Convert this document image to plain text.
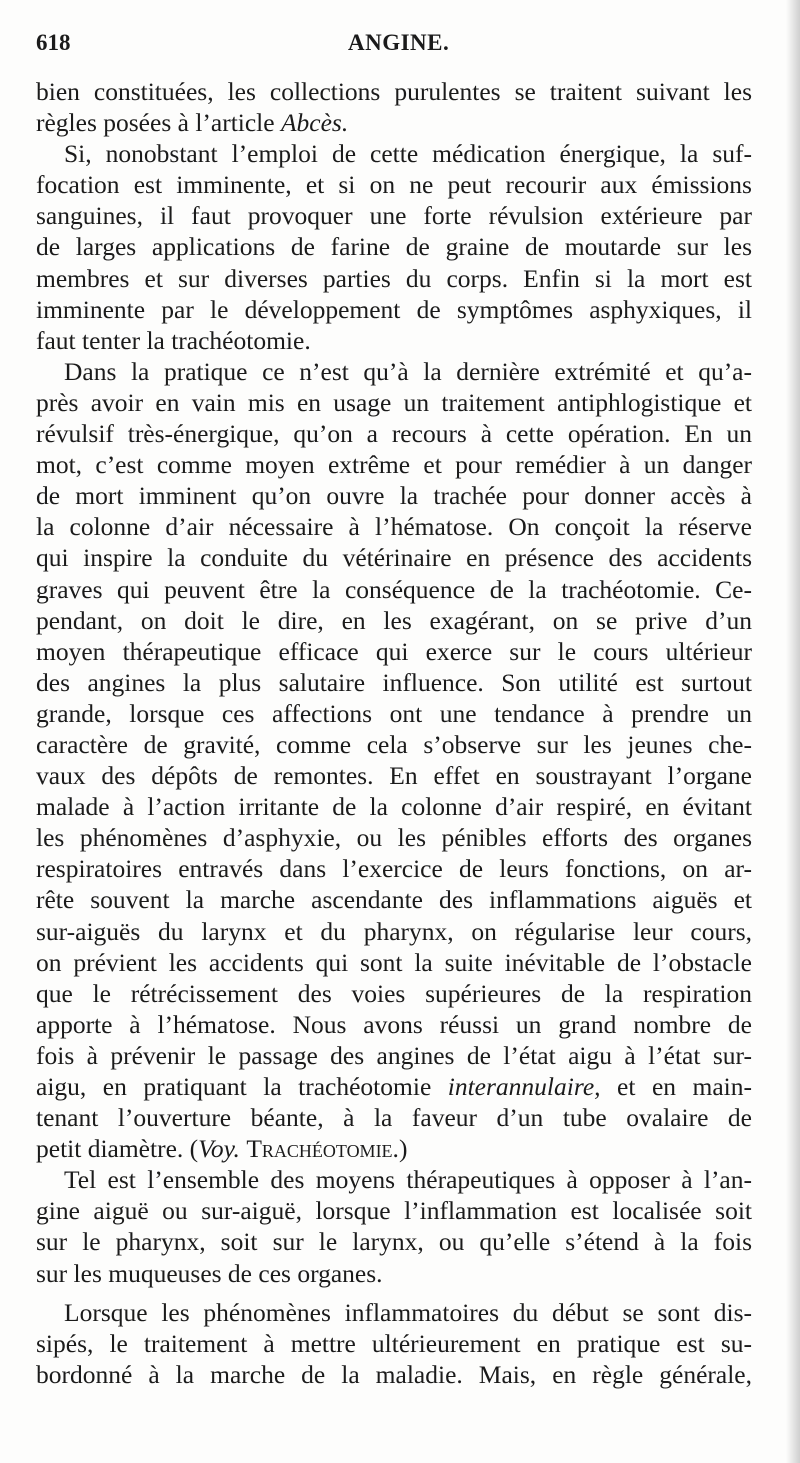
618	ANGINE.
bien constituées, les collections purulentes se traitent suivant les
règles posées à l’article Abcès.
Si, nonobstant l’emploi de cette médication énergique, la suf-
focation est imminente, et si on ne peut recourir aux émissions
sanguines, il faut provoquer une forte révulsion extérieure par
de larges applications de farine de graine de moutarde sur les
membres et sur diverses parties du corps. Enfin si la mort est
imminente par le développement de symptômes asphyxiques, il
faut tenter la trachéotomie.
Dans la pratique ce n’est qu’à la dernière extrémité et qu’a-
près avoir en vain mis en usage un traitement antiphlogistique et
révulsif très-énergique, qu’on a recours à cette opération. En un
mot, c’est comme moyen extrême et pour remédier à un danger
de mort imminent qu’on ouvre la trachée pour donner accès à
la colonne d’air nécessaire à l’hématose. On conçoit la réserve
qui inspire la conduite du vétérinaire en présence des accidents
graves qui peuvent être la conséquence de la trachéotomie. Ce-
pendant, on doit le dire, en les exagérant, on se prive d’un
moyen thérapeutique efficace qui exerce sur le cours ultérieur
des angines la plus salutaire influence. Son utilité est surtout
grande, lorsque ces affections ont une tendance à prendre un
caractère de gravité, comme cela s’observe sur les jeunes che-
vaux des dépôts de remontes. En effet en soustrayant l’organe
malade à l’action irritante de la colonne d’air respiré, en évitant
les phénomènes d’asphyxie, ou les pénibles efforts des organes
respiratoires entravés dans l’exercice de leurs fonctions, on ar-
rête souvent la marche ascendante des inflammations aiguës et
sur-aiguës du larynx et du pharynx, on régularise leur cours,
on prévient les accidents qui sont la suite inévitable de l’obstacle
que le rétrécissement des voies supérieures de la respiration
apporte à l’hématose. Nous avons réussi un grand nombre de
fois à prévenir le passage des angines de l’état aigu à l’état sur-
aigu, en pratiquant la trachéotomie interannulaire, et en main-
tenant l’ouverture béante, à la faveur d’un tube ovalaire de
petit diamètre. (Voy. Trachéotomie.)
Tel est l’ensemble des moyens thérapeutiques à opposer à l’an-
gine aiguë ou sur-aiguë, lorsque l’inflammation est localisée soit
sur le pharynx, soit sur le larynx, ou qu’elle s’étend à la fois
sur les muqueuses de ces organes.
Lorsque les phénomènes inflammatoires du début se sont dis-
sipés, le traitement à mettre ultérieurement en pratique est su-
bordonné à la marche de la maladie. Mais, en règle générale,
